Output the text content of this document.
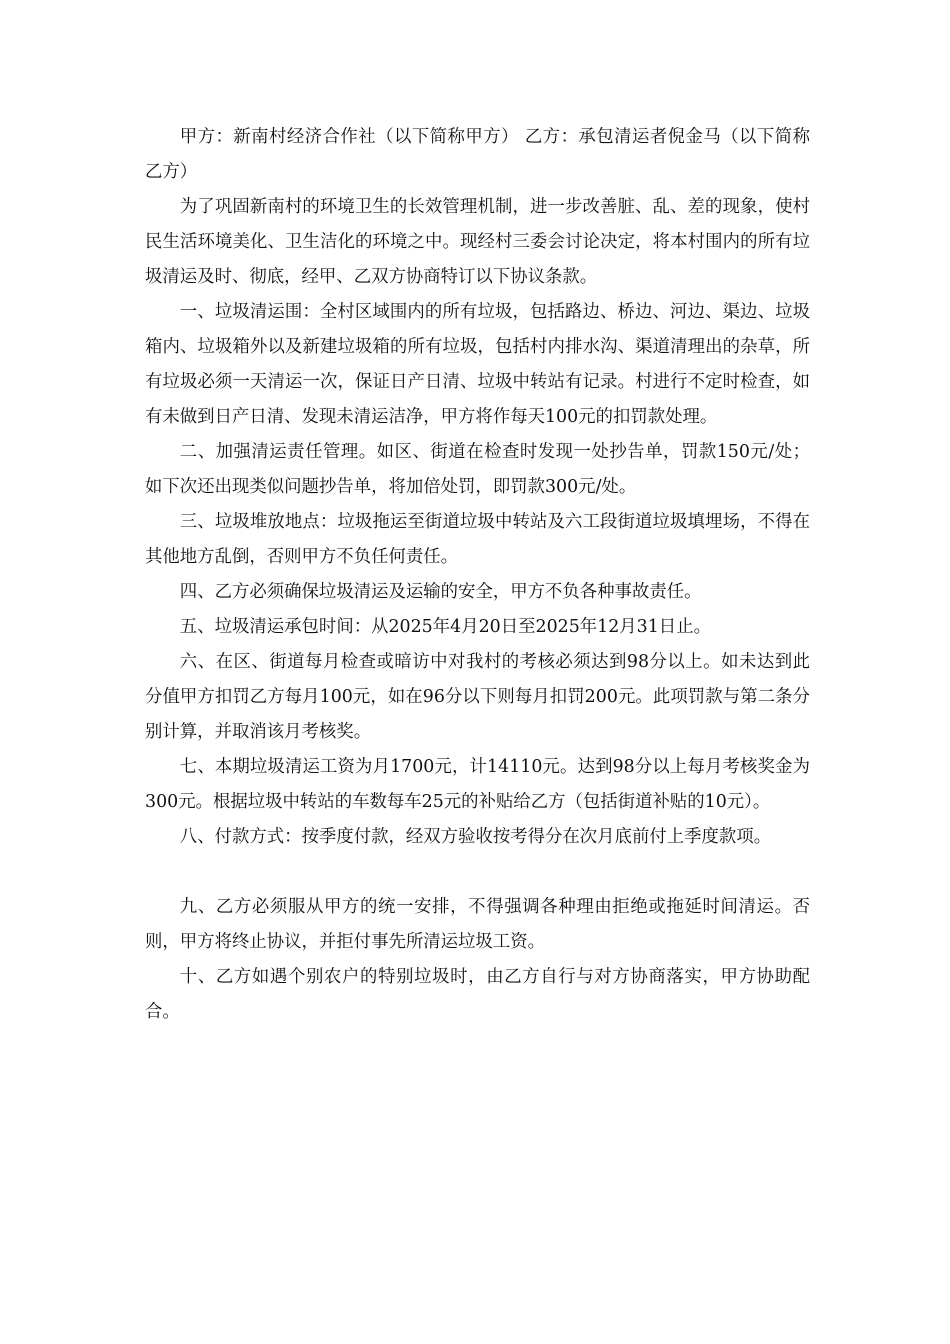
甲方：新南村经济合作社（以下简称甲方） 乙方：承包清运者倪金马（以下简称乙方）

为了巩固新南村的环境卫生的长效管理机制，进一步改善脏、乱、差的现象，使村民生活环境美化、卫生洁化的环境之中。现经村三委会讨论决定，将本村围内的所有垃圾清运及时、彻底，经甲、乙双方协商特订以下协议条款。

一、垃圾清运围：全村区域围内的所有垃圾，包括路边、桥边、河边、渠边、垃圾箱内、垃圾箱外以及新建垃圾箱的所有垃圾，包括村内排水沟、渠道清理出的杂草，所有垃圾必须一天清运一次，保证日产日清、垃圾中转站有记录。村进行不定时检查，如有未做到日产日清、发现未清运洁净，甲方将作每天100元的扣罚款处理。

二、加强清运责任管理。如区、街道在检查时发现一处抄告单，罚款150元/处；如下次还出现类似问题抄告单，将加倍处罚，即罚款300元/处。

三、垃圾堆放地点：垃圾拖运至街道垃圾中转站及六工段街道垃圾填埋场，不得在其他地方乱倒，否则甲方不负任何责任。

四、乙方必须确保垃圾清运及运输的安全，甲方不负各种事故责任。

五、垃圾清运承包时间：从2025年4月20日至2025年12月31日止。

六、在区、街道每月检查或暗访中对我村的考核必须达到98分以上。如未达到此分值甲方扣罚乙方每月100元，如在96分以下则每月扣罚200元。此项罚款与第二条分别计算，并取消该月考核奖。

七、本期垃圾清运工资为月1700元，计14110元。达到98分以上每月考核奖金为300元。根据垃圾中转站的车数每车25元的补贴给乙方（包括街道补贴的10元）。

八、付款方式：按季度付款，经双方验收按考得分在次月底前付上季度款项。

九、乙方必须服从甲方的统一安排，不得强调各种理由拒绝或拖延时间清运。否则，甲方将终止协议，并拒付事先所清运垃圾工资。

十、乙方如遇个别农户的特别垃圾时，由乙方自行与对方协商落实，甲方协助配合。
